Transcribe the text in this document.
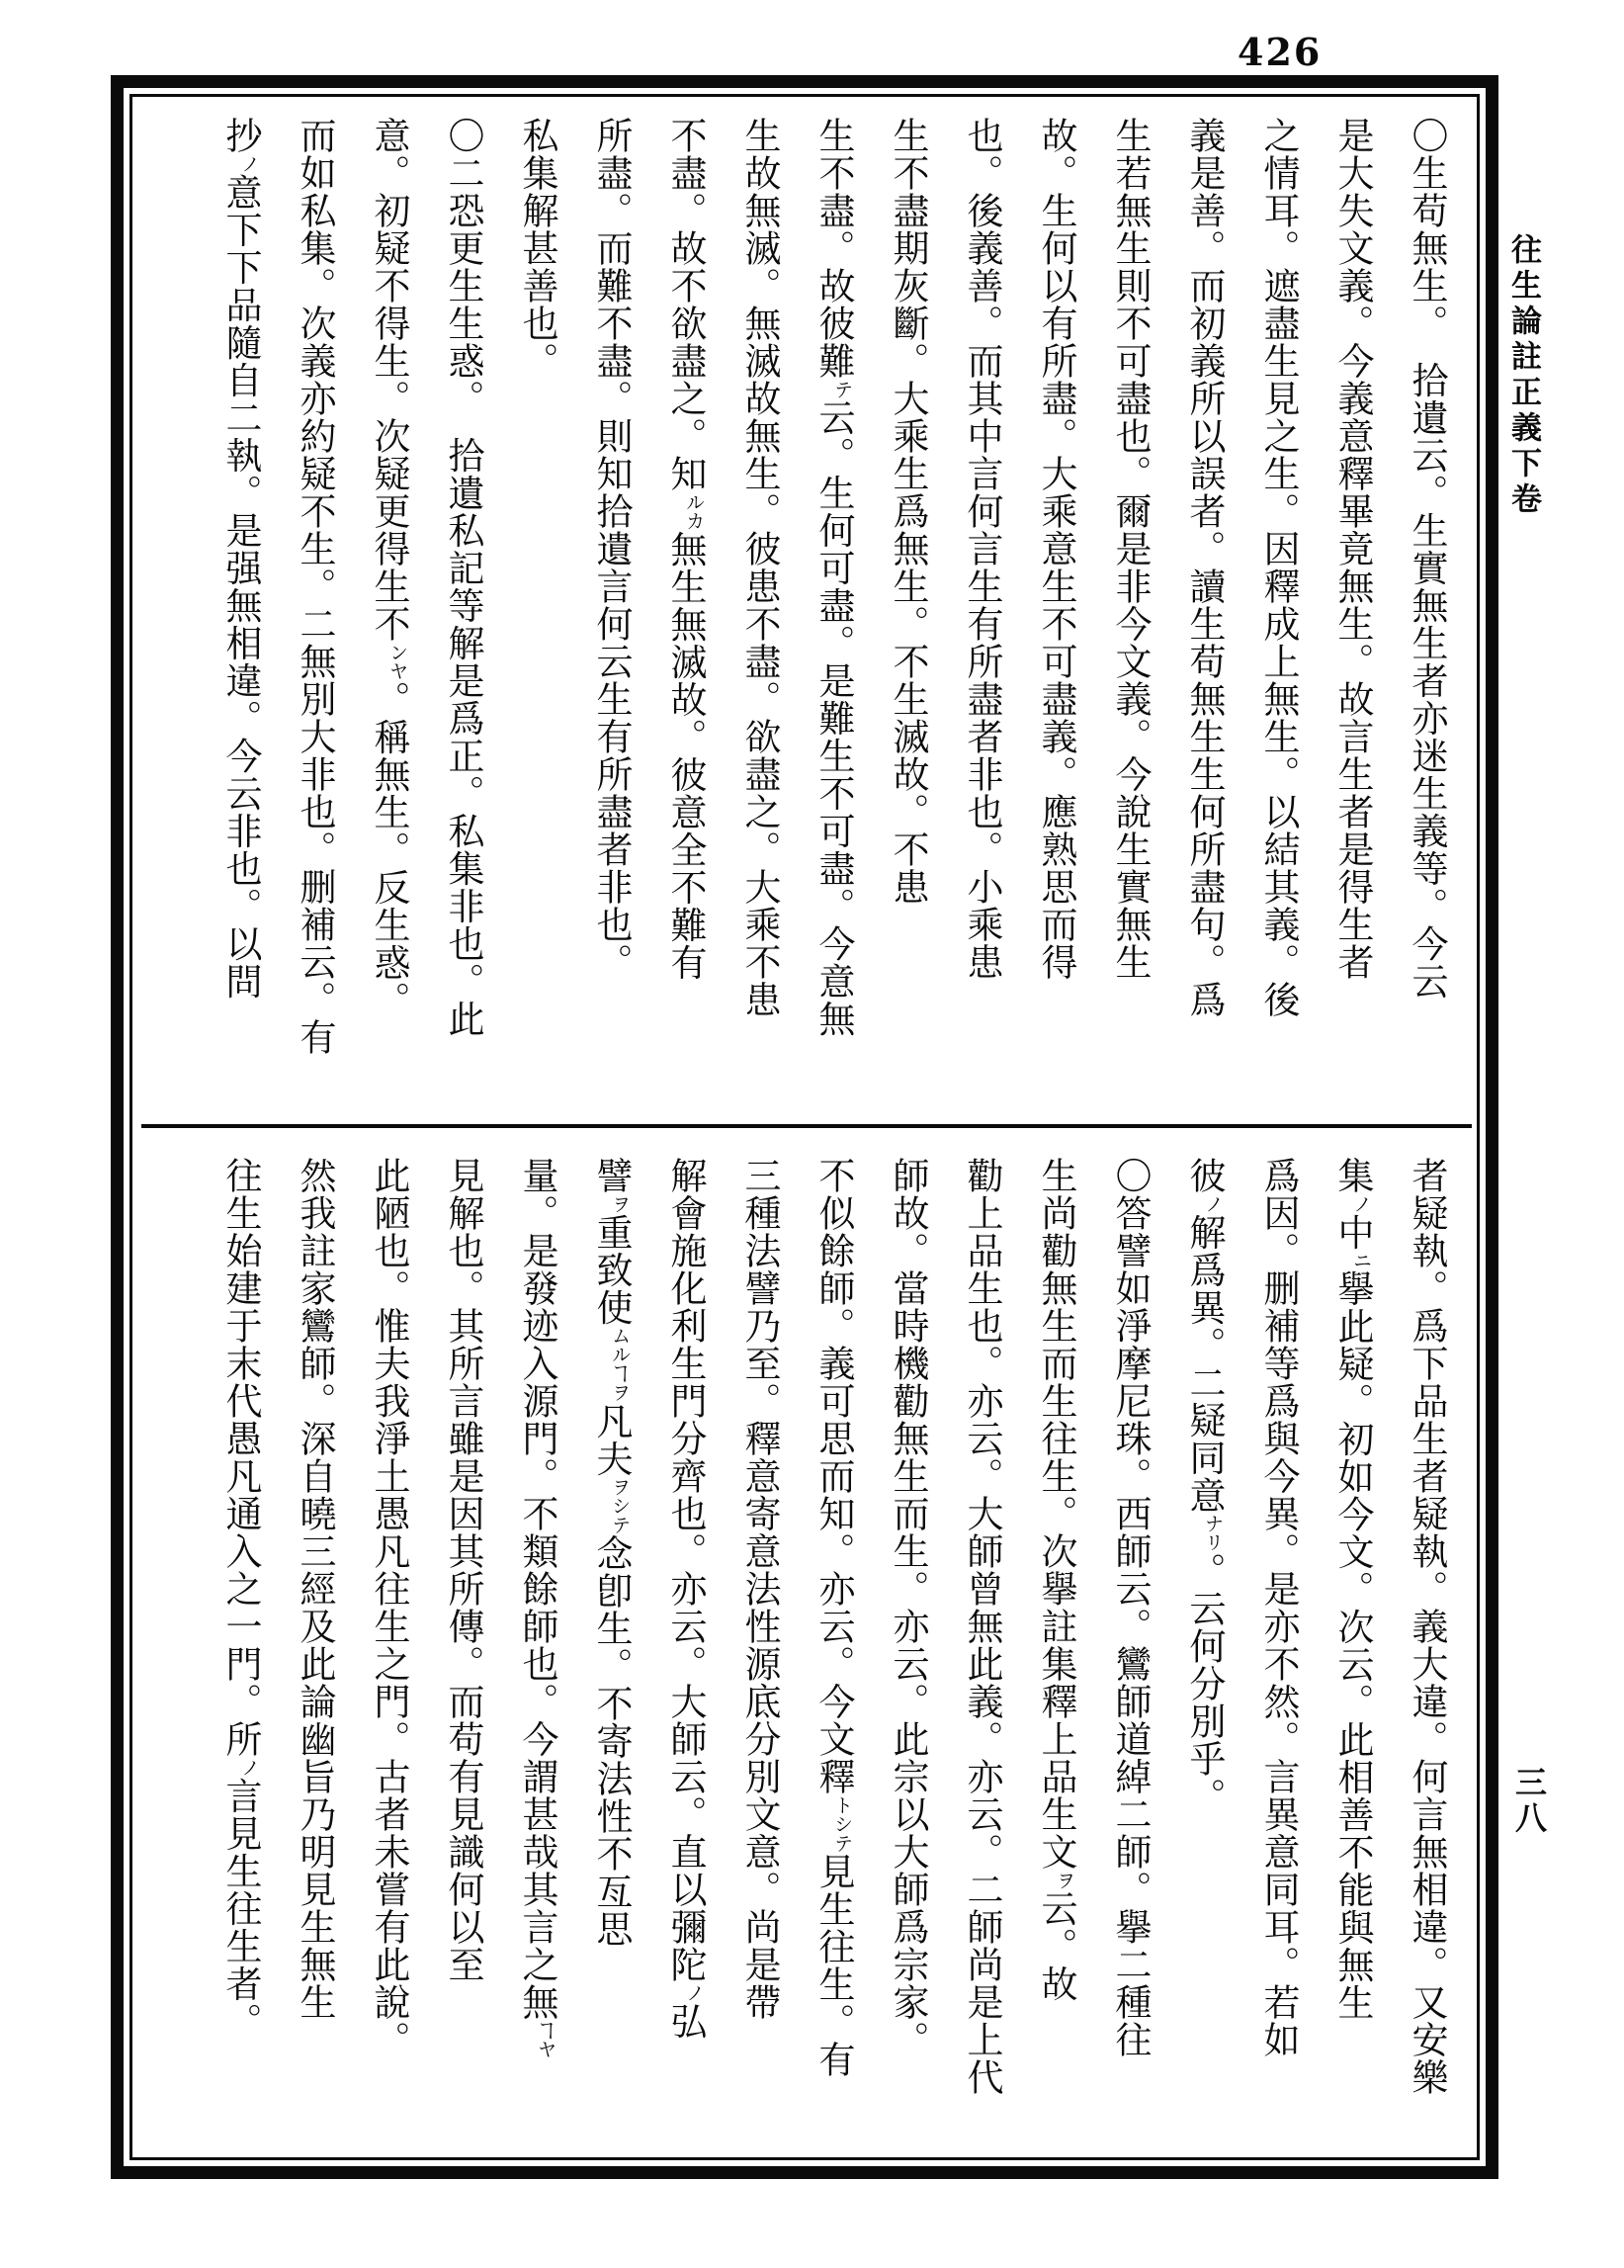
426
〇生苟無生。　拾遺云。生實無生者亦迷生義等。今云
是大失文義。今義意釋畢竟無生。故言生者是得生者
之情耳。遮盡生見之生。因釋成上無生。以結其義。後
義是善。而初義所以誤者。讀生苟無生生何所盡句。爲
生若無生則不可盡也。爾是非今文義。今說生實無生
故。生何以有所盡。大乘意生不可盡義。應熟思而得
也。後義善。而其中言何言生有所盡者非也。小乘患
生不盡期灰斷。大乘生爲無生。不生滅故。不患
生不盡。故彼難テ云。生何可盡。是難生不可盡。今意無
生故無滅。無滅故無生。彼患不盡。欲盡之。大乘不患
不盡。故不欲盡之。知ルカ無生無滅故。彼意全不難有
所盡。而難不盡。則知拾遺言何云生有所盡者非也。
私集解甚善也。
〇二恐更生生惑。　拾遺私記等解是爲正。私集非也。此
意。初疑不得生。次疑更得生不ンヤ。稱無生。反生惑。
而如私集。次義亦約疑不生。二無別大非也。删補云。有
抄ノ意下下品隨自二執。是强無相違。今云非也。以問
者疑執。爲下品生者疑執。義大違。何言無相違。又安樂
集ノ中ニ擧此疑。初如今文。次云。此相善不能與無生
爲因。删補等爲與今異。是亦不然。言異意同耳。若如
彼ノ解爲異。二疑同意ナリ。云何分別乎。
〇答譬如淨摩尼珠。西師云。鸞師道綽二師。擧二種往
生尚勸無生而生往生。次擧註集釋上品生文ヲ云。故
勸上品生也。亦云。大師曾無此義。亦云。二師尚是上代
師故。當時機勸無生而生。亦云。此宗以大師爲宗家。
不似餘師。義可思而知。亦云。今文釋トシテ見生往生。有
三種法譬乃至。釋意寄意法性源底分別文意。尚是帶
解會施化利生門分齊也。亦云。大師云。直以彌陀ノ弘
譬ヲ重致使ムルヿヲ凡夫ヲシテ念卽生。不寄法性不亙思
量。是發迹入源門。不類餘師也。今謂甚哉其言之無ヿヤ
見解也。其所言雖是因其所傳。而苟有見識何以至
此陋也。惟夫我淨土愚凡往生之門。古者未嘗有此說。
然我註家鸞師。深自曉三經及此論幽旨乃明見生無生
往生始建于末代愚凡通入之一門。所ノ言見生往生者。
往生論註正義下卷
三八
